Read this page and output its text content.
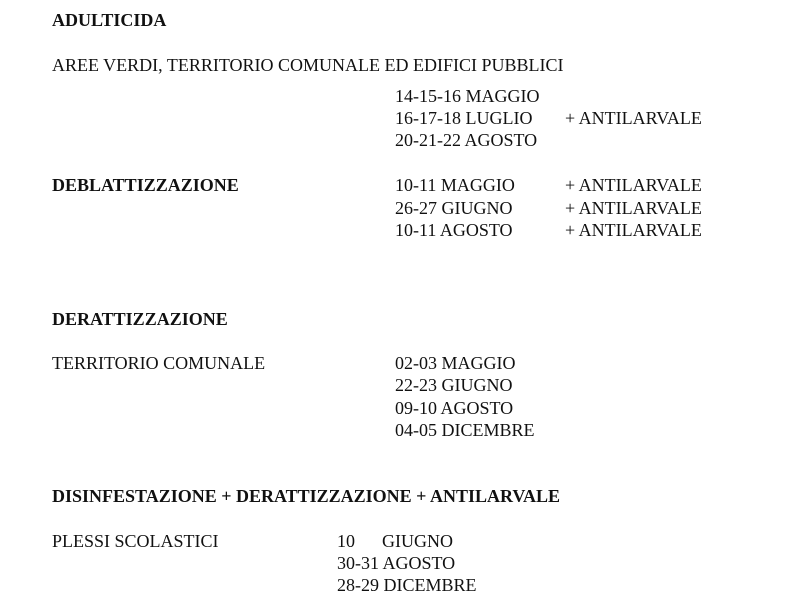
ADULTICIDA
AREE VERDI, TERRITORIO COMUNALE ED EDIFICI PUBBLICI
14-15-16 MAGGIO
16-17-18 LUGLIO + ANTILARVALE
20-21-22 AGOSTO
DEBLATTIZZAZIONE	10-11 MAGGIO	+ ANTILARVALE
26-27 GIUGNO	+ ANTILARVALE
10-11 AGOSTO	+ ANTILARVALE
DERATTIZZAZIONE
TERRITORIO COMUNALE	02-03 MAGGIO
22-23 GIUGNO
09-10 AGOSTO
04-05 DICEMBRE
DISINFESTAZIONE + DERATTIZZAZIONE + ANTILARVALE
PLESSI SCOLASTICI	10      GIUGNO
30-31 AGOSTO
28-29 DICEMBRE
